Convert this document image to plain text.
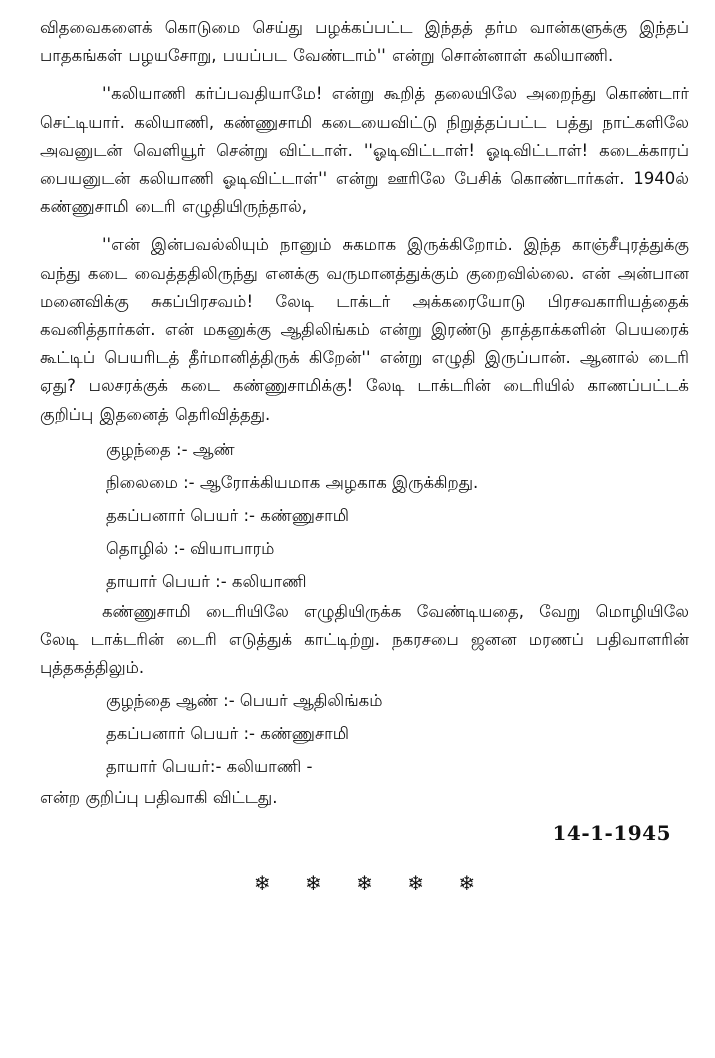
விதவைகளைக் கொடுமை செய்து பழக்கப்பட்ட இந்தத் தர்ம வான்களுக்கு இந்தப் பாதகங்கள் பழயசோறு, பயப்பட வேண்டாம்'' என்று சொன்னாள் கலியாணி.

''கலியாணி கர்ப்பவதியாமே! என்று கூறித் தலையிலே அறைந்து கொண்டார் செட்டியார். கலியாணி, கண்ணுசாமி கடையைவிட்டு நிறுத்தப்பட்ட பத்து நாட்களிலே அவனுடன் வெளியூர் சென்று விட்டாள். ''ஓடிவிட்டாள்! ஓடிவிட்டாள்! கடைக்காரப் பையனுடன் கலியாணி ஓடிவிட்டாள்'' என்று ஊரிலே பேசிக் கொண்டார்கள். 1940ல் கண்ணுசாமி டைரி எழுதியிருந்தால்,

''என் இன்பவல்லியும் நானும் சுகமாக இருக்கிறோம். இந்த காஞ்சீபுரத்துக்கு வந்து கடை வைத்ததிலிருந்து எனக்கு வருமானத்துக்கும் குறைவில்லை. என் அன்பான மனைவிக்கு சுகப்பிரசவம்! லேடி டாக்டர் அக்கரையோடு பிரசவகாரியத்தைக் கவனித்தார்கள். என் மகனுக்கு ஆதிலிங்கம் என்று இரண்டு தாத்தாக்களின் பெயரைக் கூட்டிப் பெயரிடத் தீர்மானித்திருக் கிறேன்'' என்று எழுதி இருப்பான். ஆனால் டைரி ஏது? பலசரக்குக் கடை கண்ணுசாமிக்கு! லேடி டாக்டரின் டைரியில் காணப்பட்டக் குறிப்பு இதனைத் தெரிவித்தது.

குழந்தை :- ஆண்
நிலைமை :- ஆரோக்கியமாக அழகாக இருக்கிறது.
தகப்பனார் பெயர் :- கண்ணுசாமி
தொழில் :- வியாபாரம்
தாயார் பெயர் :- கலியாணி

கண்ணுசாமி டைரியிலே எழுதியிருக்க வேண்டியதை, வேறு மொழியிலே லேடி டாக்டரின் டைரி எடுத்துக் காட்டிற்று. நகரசபை ஜனன மரணப் பதிவாளரின் புத்தகத்திலும்.

குழந்தை ஆண் :- பெயர் ஆதிலிங்கம்
தகப்பனார் பெயர் :- கண்ணுசாமி
தாயார் பெயர்:- கலியாணி -

என்ற குறிப்பு பதிவாகி விட்டது.

14-1-1945
❄ ❄ ❄ ❄ ❄
